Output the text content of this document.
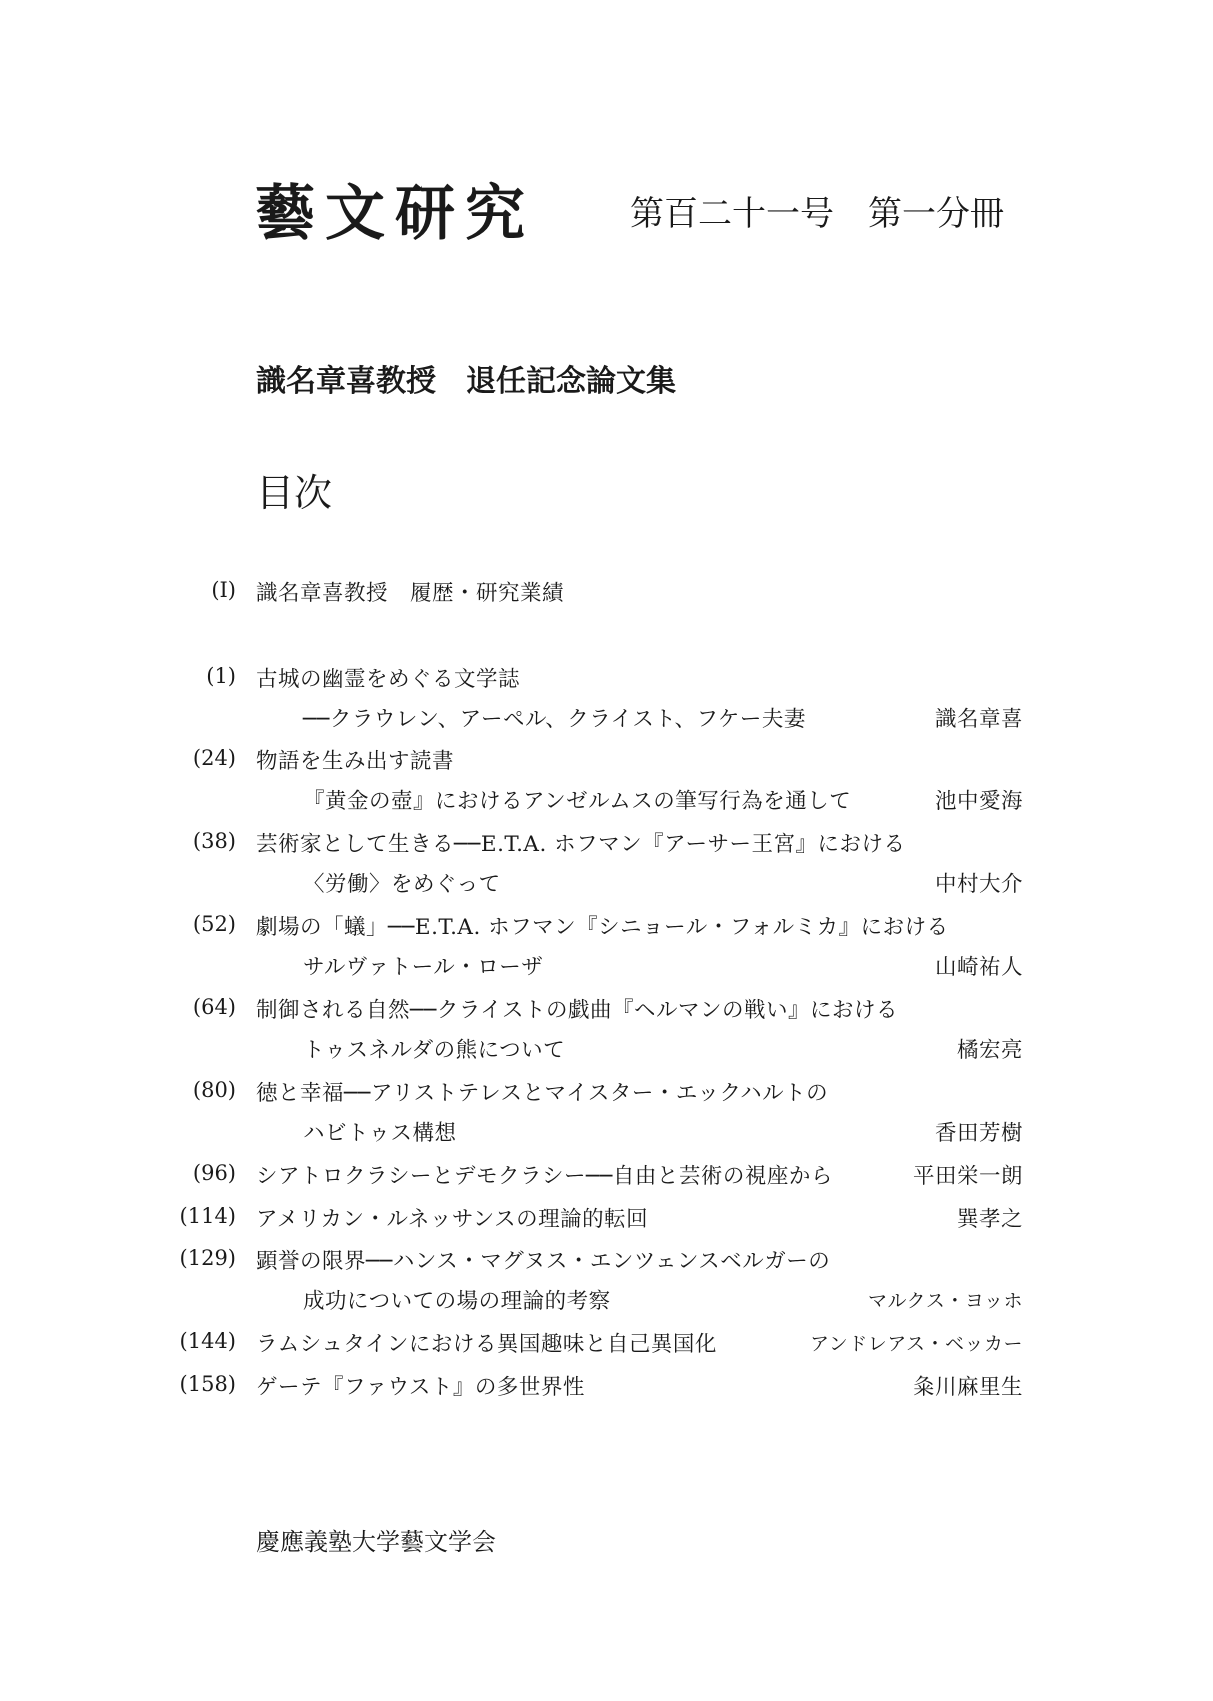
藝文研究	第百二十一号　第一分冊
識名章喜教授　退任記念論文集
目次
(I) 識名章喜教授　履歴・研究業績
(1) 古城の幽霊をめぐる文学誌
──クラウレン、アーペル、クライスト、フケー夫妻	識名章喜
(24) 物語を生み出す読書
『黄金の壺』におけるアンゼルムスの筆写行為を通して	池中愛海
(38) 芸術家として生きる──E.T.A. ホフマン『アーサー王宮』における
〈労働〉をめぐって	中村大介
(52) 劇場の「蟻」──E.T.A. ホフマン『シニョール・フォルミカ』における
サルヴァトール・ローザ	山崎祐人
(64) 制御される自然──クライストの戯曲『ヘルマンの戦い』における
トゥスネルダの熊について	橘宏亮
(80) 徳と幸福──アリストテレスとマイスター・エックハルトの
ハビトゥス構想	香田芳樹
(96) シアトロクラシーとデモクラシー──自由と芸術の視座から	平田栄一朗
(114) アメリカン・ルネッサンスの理論的転回	巽孝之
(129) 顕誉の限界──ハンス・マグヌス・エンツェンスベルガーの
成功についての場の理論的考察	マルクス・ヨッホ
(144) ラムシュタインにおける異国趣味と自己異国化	アンドレアス・ベッカー
(158) ゲーテ『ファウスト』の多世界性	粂川麻里生
慶應義塾大学藝文学会
